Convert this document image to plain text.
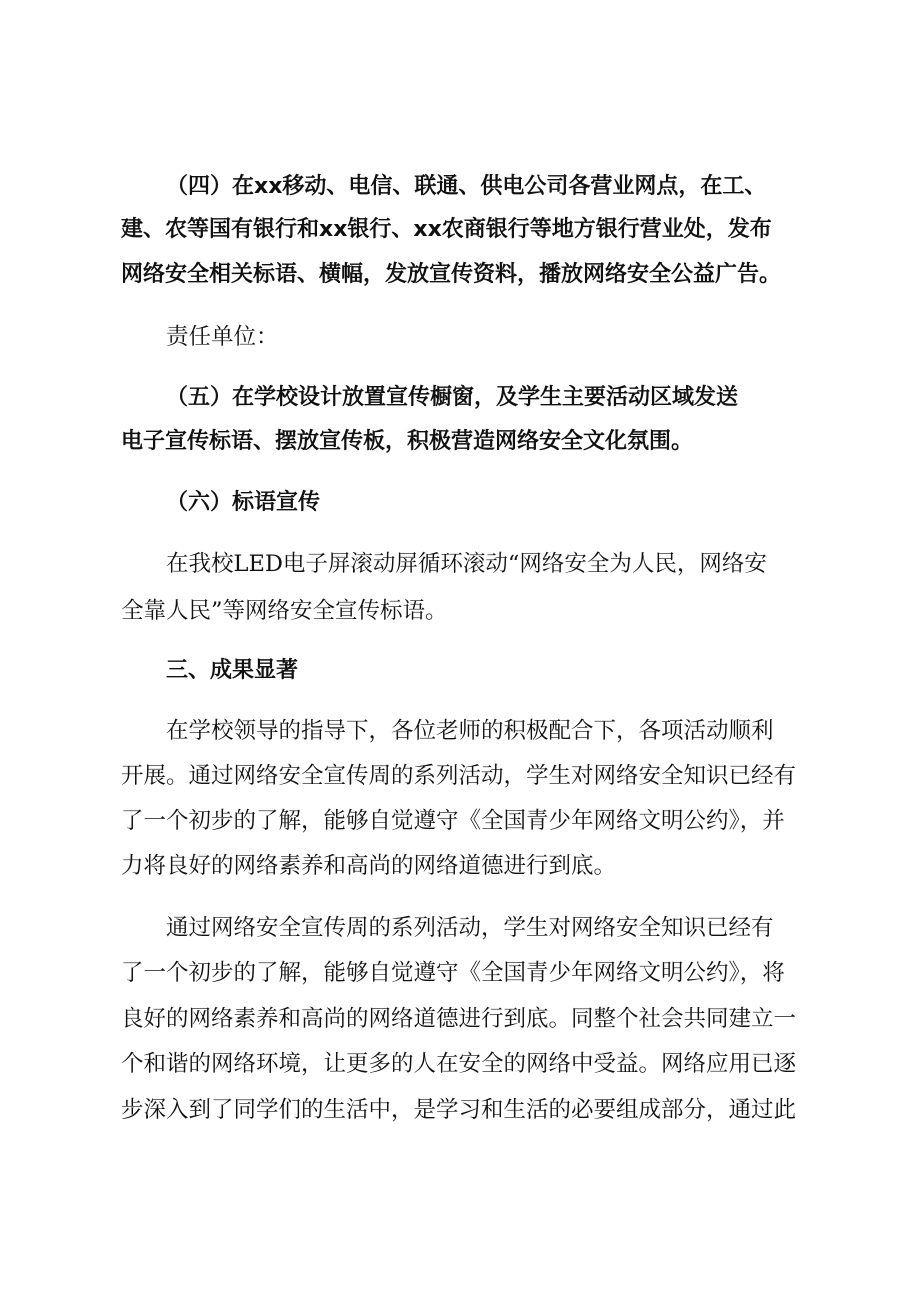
（四）在xx移动、电信、联通、供电公司各营业网点，在工、
建、农等国有银行和xx银行、xx农商银行等地方银行营业处，发布
网络安全相关标语、横幅，发放宣传资料，播放网络安全公益广告。
责任单位：
（五）在学校设计放置宣传橱窗，及学生主要活动区域发送
电子宣传标语、摆放宣传板，积极营造网络安全文化氛围。
（六）标语宣传
在我校LED电子屏滚动屏循环滚动“网络安全为人民，网络安
全靠人民”等网络安全宣传标语。
三、成果显著
在学校领导的指导下，各位老师的积极配合下，各项活动顺利
开展。通过网络安全宣传周的系列活动，学生对网络安全知识已经有
了一个初步的了解，能够自觉遵守《全国青少年网络文明公约》，并
力将良好的网络素养和高尚的网络道德进行到底。
通过网络安全宣传周的系列活动，学生对网络安全知识已经有
了一个初步的了解，能够自觉遵守《全国青少年网络文明公约》，将
良好的网络素养和高尚的网络道德进行到底。同整个社会共同建立一
个和谐的网络环境，让更多的人在安全的网络中受益。网络应用已逐
步深入到了同学们的生活中，是学习和生活的必要组成部分，通过此
